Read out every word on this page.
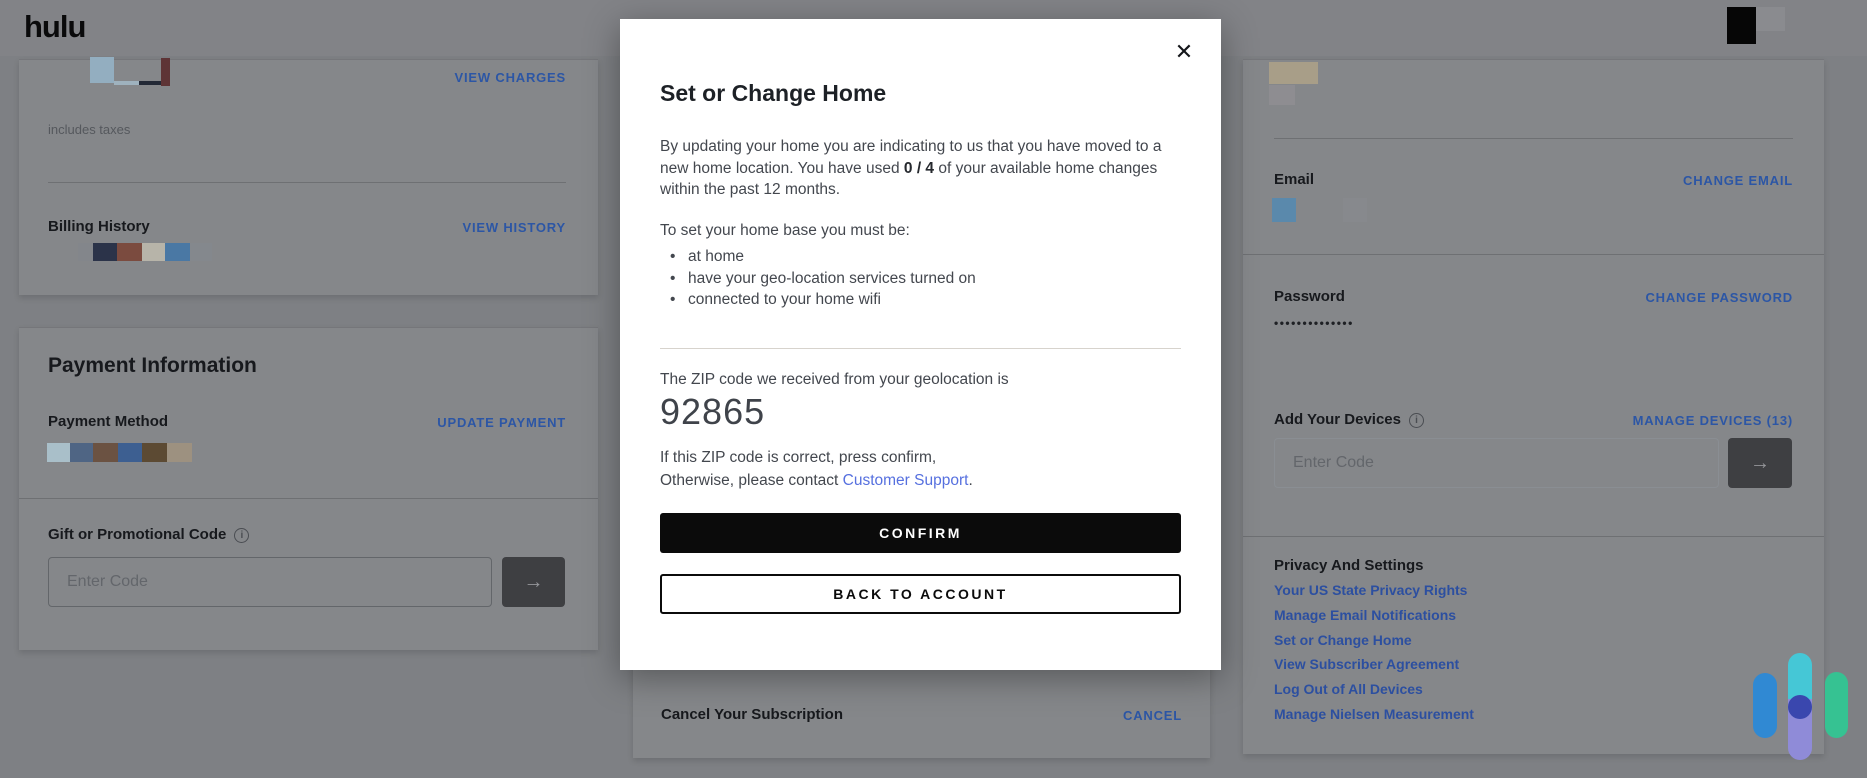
hulu
VIEW CHARGES
includes taxes
Billing History	VIEW HISTORY
Payment Information
Payment Method	UPDATE PAYMENT
Gift or Promotional Code i
Enter Code
→
Cancel Your Subscription	CANCEL
Email	CHANGE EMAIL
Password	CHANGE PASSWORD
••••••••••••••
Add Your Devices i	MANAGE DEVICES (13)
Enter Code
→
Privacy And Settings
Your US State Privacy Rights
Manage Email Notifications
Set or Change Home
View Subscriber Agreement
Log Out of All Devices
Manage Nielsen Measurement
✕
Set or Change Home

By updating your home you are indicating to us that you have moved to a new home location. You have used 0 / 4 of your available home changes within the past 12 months.

To set your home base you must be:

• at home
• have your geo-location services turned on
• connected to your home wifi

The ZIP code we received from your geolocation is

92865

If this ZIP code is correct, press confirm,

Otherwise, please contact Customer Support.

CONFIRM
BACK TO ACCOUNT
